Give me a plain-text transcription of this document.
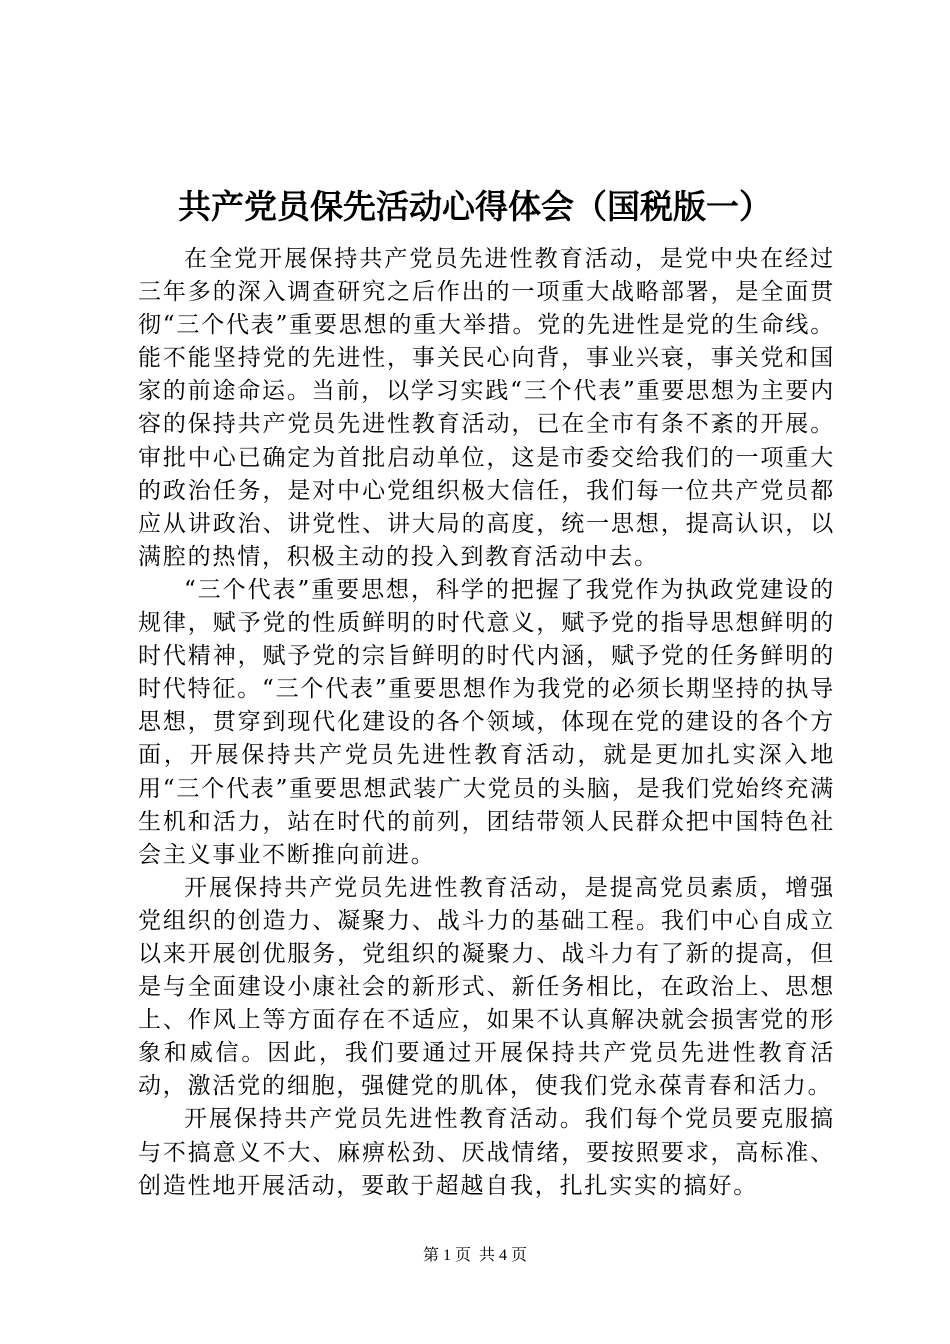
共产党员保先活动心得体会（国税版一）

在全党开展保持共产党员先进性教育活动，是党中央在经过三年多的深入调查研究之后作出的一项重大战略部署，是全面贯彻“三个代表”重要思想的重大举措。党的先进性是党的生命线。能不能坚持党的先进性，事关民心向背，事业兴衰，事关党和国家的前途命运。当前，以学习实践“三个代表”重要思想为主要内容的保持共产党员先进性教育活动，已在全市有条不紊的开展。审批中心已确定为首批启动单位，这是市委交给我们的一项重大的政治任务，是对中心党组织极大信任，我们每一位共产党员都应从讲政治、讲党性、讲大局的高度，统一思想，提高认识，以满腔的热情，积极主动的投入到教育活动中去。

“三个代表”重要思想，科学的把握了我党作为执政党建设的规律，赋予党的性质鲜明的时代意义，赋予党的指导思想鲜明的时代精神，赋予党的宗旨鲜明的时代内涵，赋予党的任务鲜明的时代特征。“三个代表”重要思想作为我党的必须长期坚持的执导思想，贯穿到现代化建设的各个领域，体现在党的建设的各个方面，开展保持共产党员先进性教育活动，就是更加扎实深入地用“三个代表”重要思想武装广大党员的头脑，是我们党始终充满生机和活力，站在时代的前列，团结带领人民群众把中国特色社会主义事业不断推向前进。

开展保持共产党员先进性教育活动，是提高党员素质，增强党组织的创造力、凝聚力、战斗力的基础工程。我们中心自成立以来开展创优服务，党组织的凝聚力、战斗力有了新的提高，但是与全面建设小康社会的新形式、新任务相比，在政治上、思想上、作风上等方面存在不适应，如果不认真解决就会损害党的形象和威信。因此，我们要通过开展保持共产党员先进性教育活动，激活党的细胞，强健党的肌体，使我们党永葆青春和活力。

开展保持共产党员先进性教育活动。我们每个党员要克服搞与不搞意义不大、麻痹松劲、厌战情绪，要按照要求，高标准、创造性地开展活动，要敢于超越自我，扎扎实实的搞好。

第 1 页 共 4 页
